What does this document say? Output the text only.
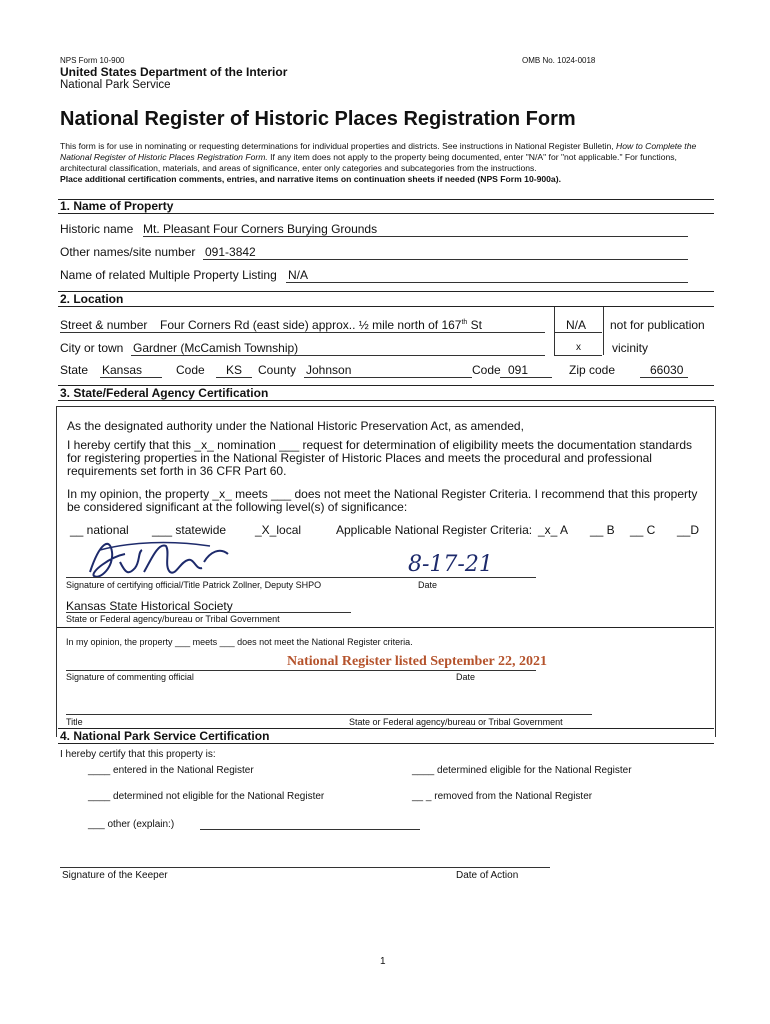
NPS Form 10-900	OMB No. 1024-0018
United States Department of the Interior
National Park Service
National Register of Historic Places Registration Form
This form is for use in nominating or requesting determinations for individual properties and districts. See instructions in National Register Bulletin, How to Complete the National Register of Historic Places Registration Form. If any item does not apply to the property being documented, enter "N/A" for "not applicable." For functions, architectural classification, materials, and areas of significance, enter only categories and subcategories from the instructions.
Place additional certification comments, entries, and narrative items on continuation sheets if needed (NPS Form 10-900a).
1. Name of Property
Historic name Mt. Pleasant Four Corners Burying Grounds
Other names/site number 091-3842
Name of related Multiple Property Listing N/A
2. Location
Street & number Four Corners Rd (east side) approx.. ½ mile north of 167th St	N/A not for publication
City or town Gardner (McCamish Township)	x	vicinity
State Kansas	Code KS County Johnson	Code 091	Zip code	66030
3. State/Federal Agency Certification
As the designated authority under the National Historic Preservation Act, as amended,
I hereby certify that this _x_ nomination ___ request for determination of eligibility meets the documentation standards for registering properties in the National Register of Historic Places and meets the procedural and professional requirements set forth in 36 CFR Part 60.
In my opinion, the property _x_ meets ___ does not meet the National Register Criteria. I recommend that this property be considered significant at the following level(s) of significance:
__ national ___ statewide _X_local	Applicable National Register Criteria: _x_ A __ B __ C __D
8-17-21
Signature of certifying official/Title Patrick Zollner, Deputy SHPO	Date
Kansas State Historical Society
State or Federal agency/bureau or Tribal Government
In my opinion, the property ___ meets ___ does not meet the National Register criteria.
National Register listed September 22, 2021
Signature of commenting official	Date
Title	State or Federal agency/bureau or Tribal Government
4. National Park Service Certification
I hereby certify that this property is:
____ entered in the National Register	____ determined eligible for the National Register
____ determined not eligible for the National Register	__ _ removed from the National Register
___ other (explain:)
Signature of the Keeper	Date of Action
1
